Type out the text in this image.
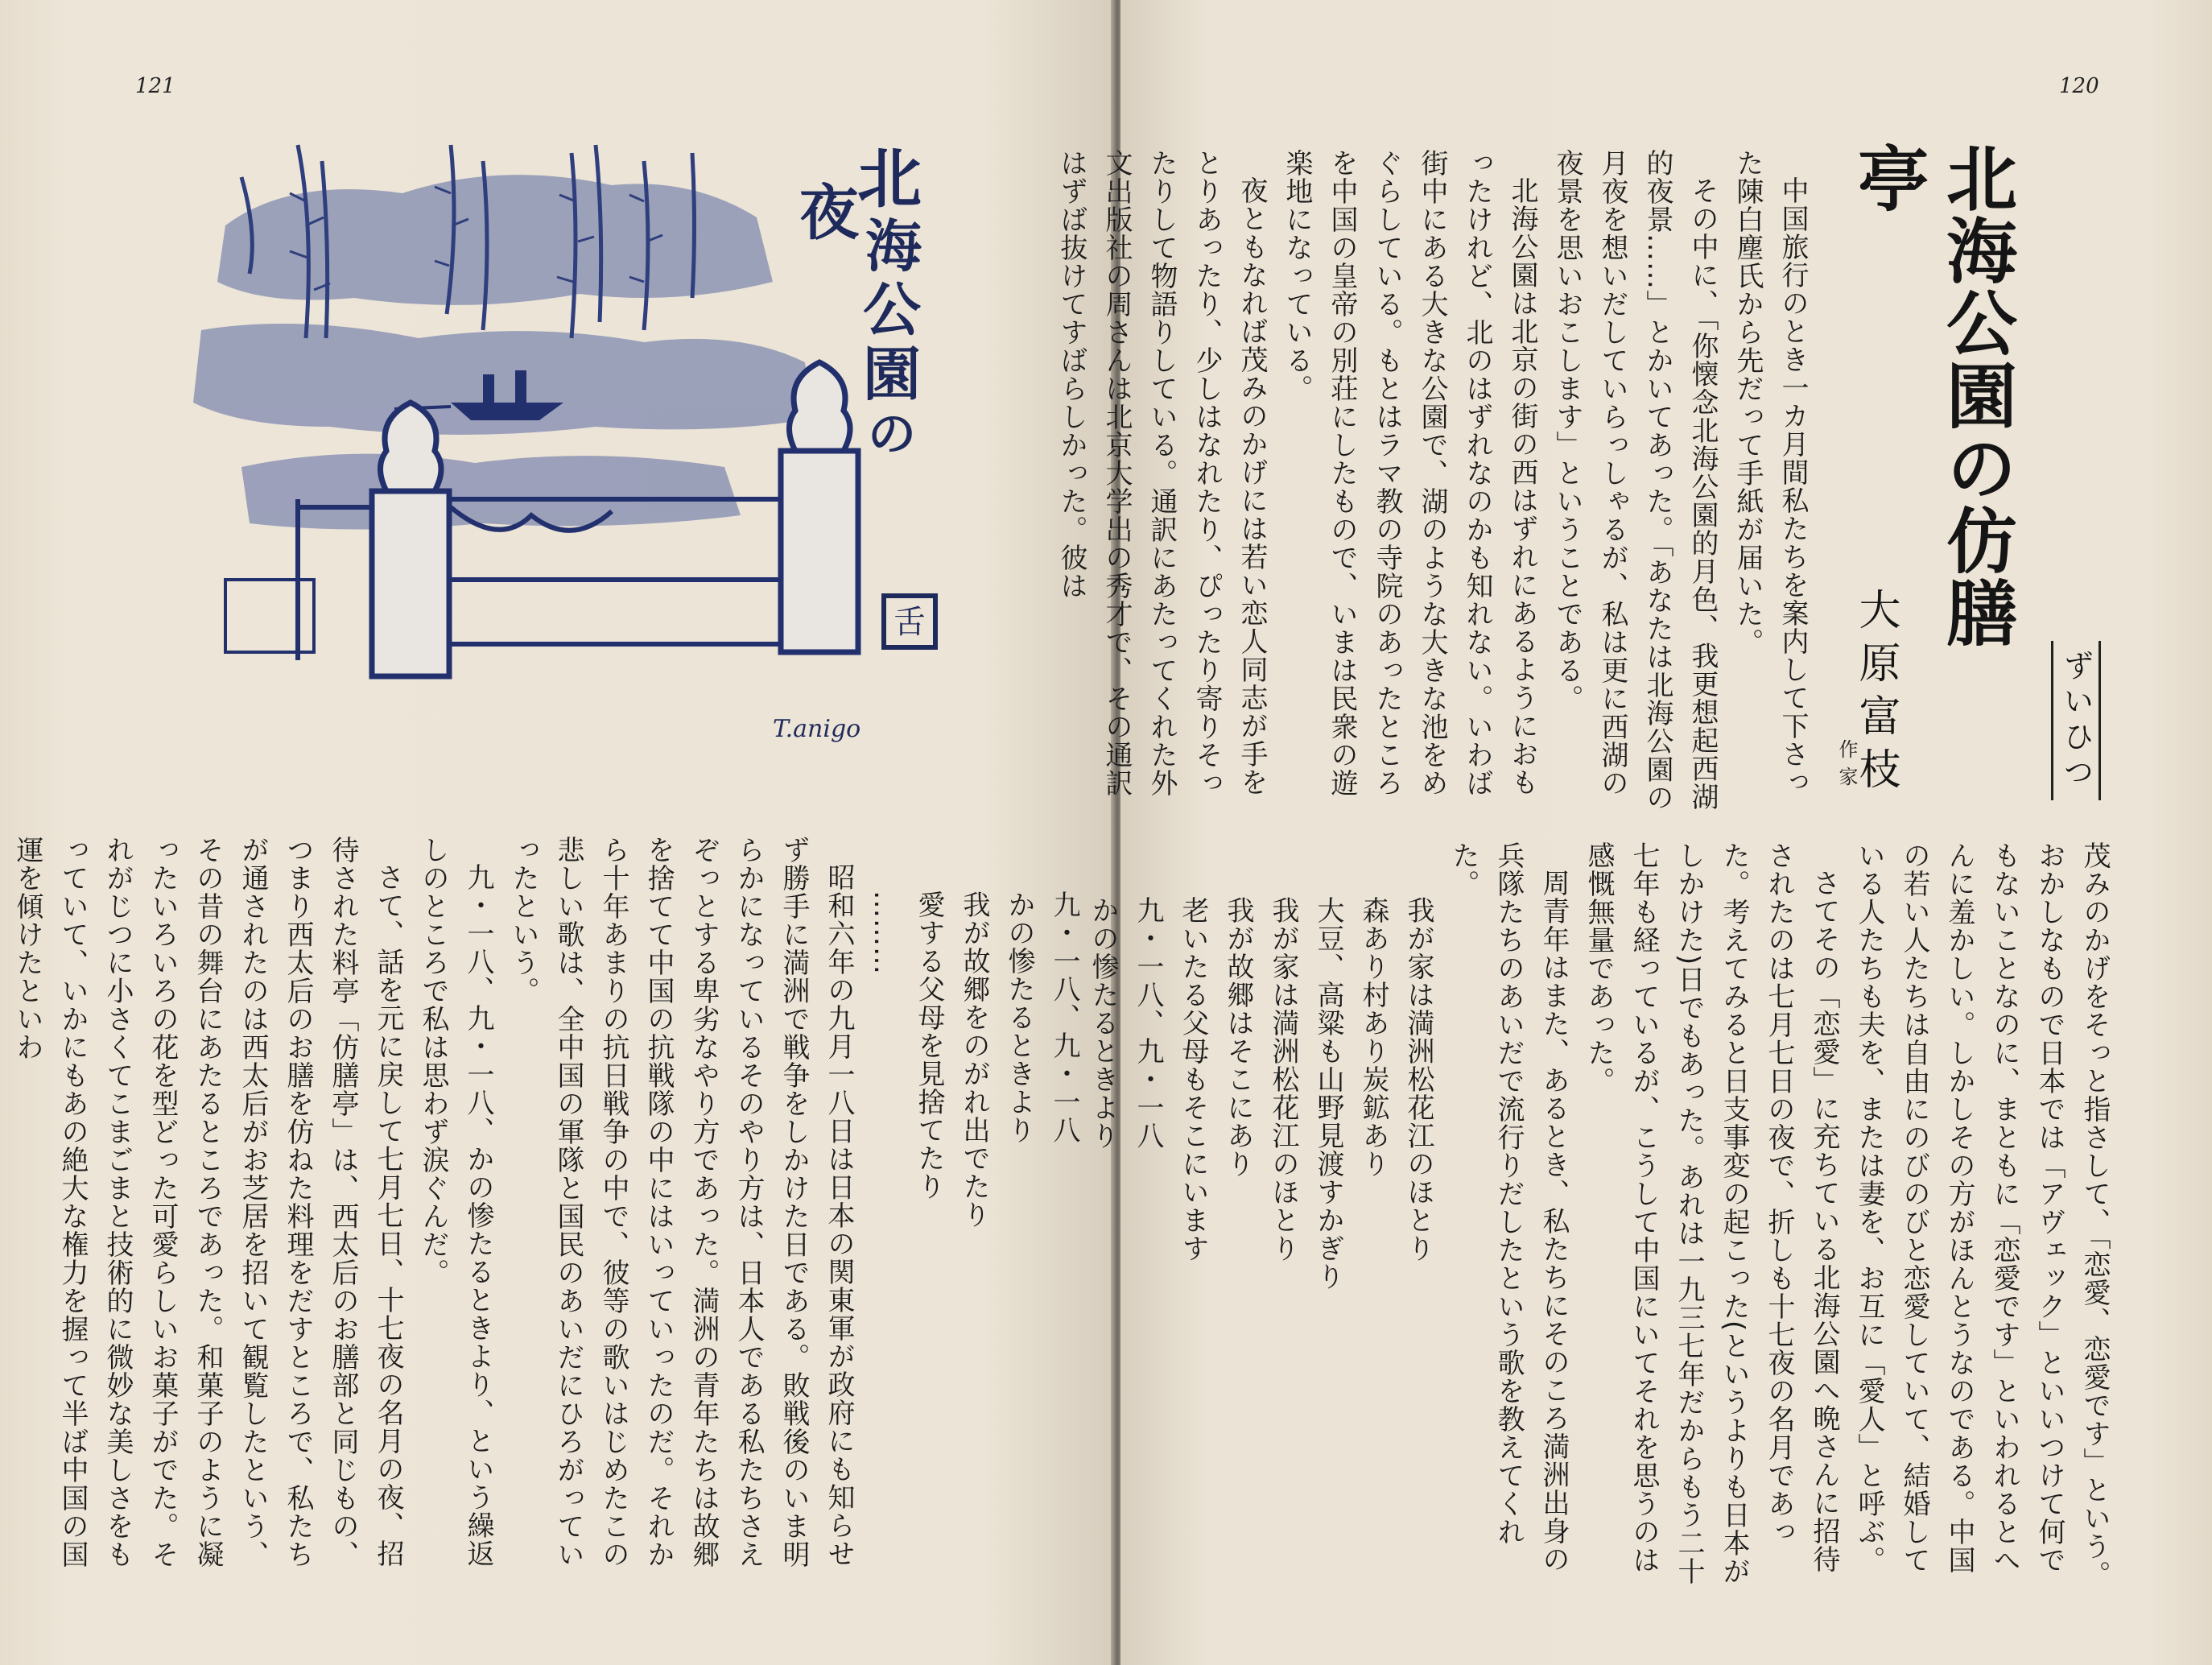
121
舌
北
海
公
園
の
夜
T.anigo

九・一八、九・一八

かの惨たるときより

我が故郷をのがれ出でたり

愛する父母を見捨てたり

………

昭和六年の九月一八日は日本の関東軍が政府にも知らせず勝手に満洲で戦争をしかけた日である。敗戦後のいま明らかになっているそのやり方は、日本人である私たちさえぞっとする卑劣なやり方であった。満洲の青年たちは故郷を捨てて中国の抗戦隊の中にはいっていったのだ。それから十年あまりの抗日戦争の中で、彼等の歌いはじめたこの悲しい歌は、全中国の軍隊と国民のあいだにひろがっていったという。

九・一八、九・一八、かの惨たるときより、という繰返しのところで私は思わず涙ぐんだ。

さて、話を元に戻して七月七日、十七夜の名月の夜、招待された料亭「仿膳亭」は、西太后のお膳部と同じもの、つまり西太后のお膳を仿ねた料理をだすところで、私たちが通されたのは西太后がお芝居を招いて観覧したという、その昔の舞台にあたるところであった。和菓子のように凝ったいろいろの花を型どった可愛らしいお菓子がでた。それがじつに小さくてこまごまと技術的に微妙な美しさをもっていて、いかにもあの絶大な権力を握って半ば中国の国運を傾けたといわ

120
北海公園の仿膳亭
ずいひつ
大原富枝
作家

中国旅行のとき一カ月間私たちを案内して下さった陳白塵氏から先だって手紙が届いた。

その中に、「你懐念北海公園的月色、我更想起西湖的夜景……」とかいてあった。「あなたは北海公園の月夜を想いだしていらっしゃるが、私は更に西湖の夜景を思いおこします」ということである。

北海公園は北京の街の西はずれにあるようにおもったけれど、北のはずれなのかも知れない。いわば街中にある大きな公園で、湖のような大きな池をめぐらしている。もとはラマ教の寺院のあったところを中国の皇帝の別荘にしたもので、いまは民衆の遊楽地になっている。

夜ともなれば茂みのかげには若い恋人同志が手をとりあったり、少しはなれたり、ぴったり寄りそったりして物語りしている。通訳にあたってくれた外文出版社の周さんは北京大学出の秀才で、その通訳はずば抜けてすばらしかった。彼は

茂みのかげをそっと指さして、「恋愛、恋愛です」という。おかしなもので日本では「アヴェック」といいつけて何でもないことなのに、まともに「恋愛です」といわれるとへんに羞かしい。しかしその方がほんとうなのである。中国の若い人たちは自由にのびのびと恋愛していて、結婚している人たちも夫を、または妻を、お互に「愛人」と呼ぶ。

さてその「恋愛」に充ちている北海公園へ晩さんに招待されたのは七月七日の夜で、折しも十七夜の名月であった。考えてみると日支事変の起こった(というよりも日本がしかけた)日でもあった。あれは一九三七年だからもう二十七年も経っているが、こうして中国にいてそれを思うのは感慨無量であった。

周青年はまた、あるとき、私たちにそのころ満洲出身の兵隊たちのあいだで流行りだしたという歌を教えてくれた。

我が家は満洲松花江のほとり

森あり村あり炭鉱あり

大豆、高粱も山野見渡すかぎり

我が家は満洲松花江のほとり

我が故郷はそこにあり

老いたる父母もそこにいます

九・一八、九・一八

かの惨たるときより
